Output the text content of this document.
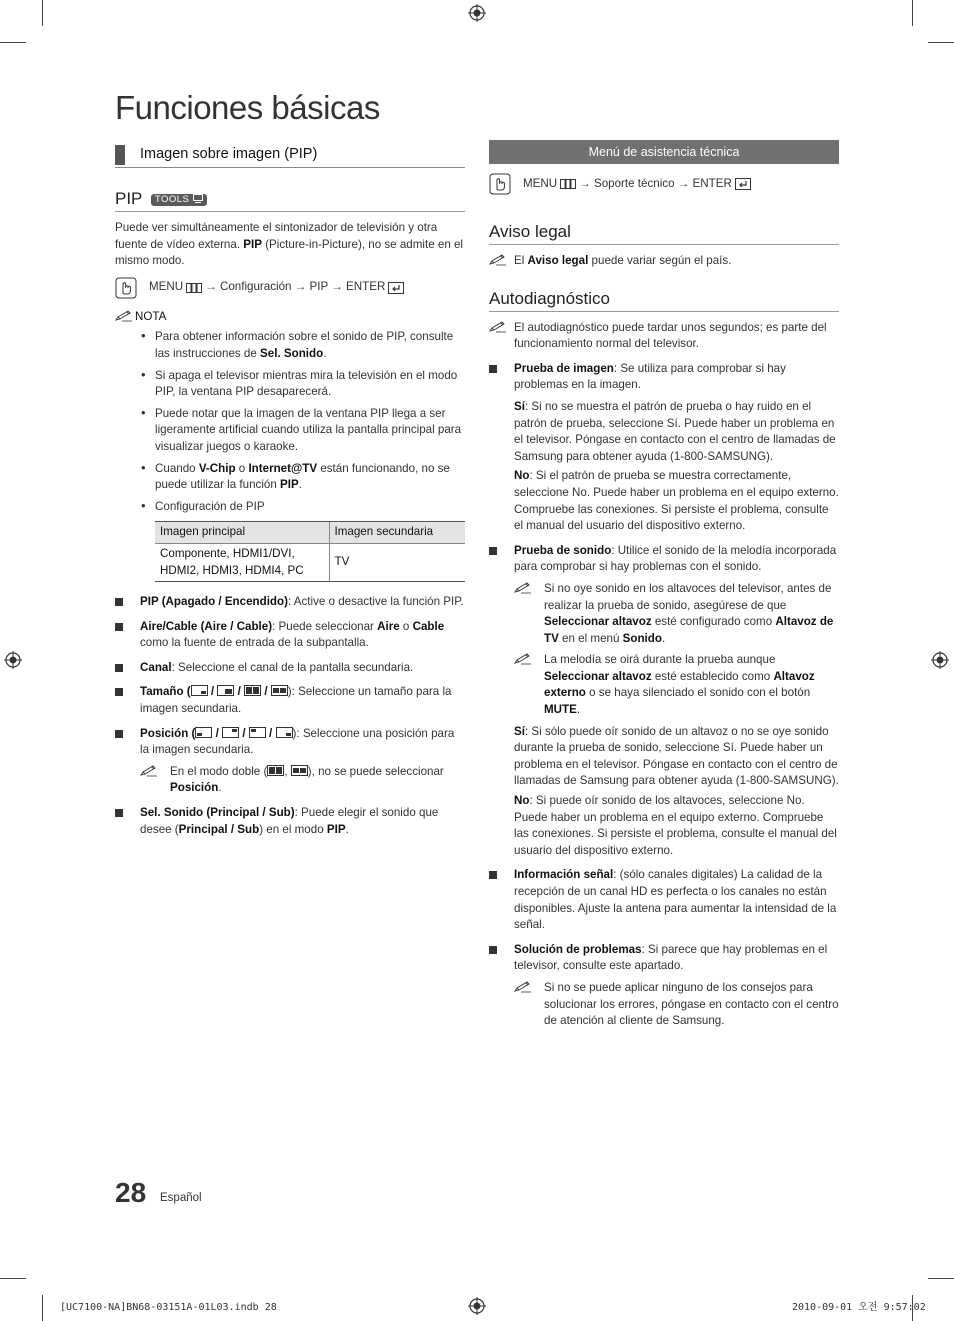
Funciones básicas
Imagen sobre imagen (PIP)
PIP TOOLS

Puede ver simultáneamente el sintonizador de televisión y otra fuente de vídeo externa. PIP (Picture-in-Picture), no se admite en el mismo modo.

MENU → Configuración → PIP → ENTER
NOTA
• Para obtener información sobre el sonido de PIP, consulte las instrucciones de Sel. Sonido.
• Si apaga el televisor mientras mira la televisión en el modo PIP, la ventana PIP desaparecerá.
• Puede notar que la imagen de la ventana PIP llega a ser ligeramente artificial cuando utiliza la pantalla principal para visualizar juegos o karaoke.
• Cuando V-Chip o Internet@TV están funcionando, no se puede utilizar la función PIP.
• Configuración de PIP
Imagen principal	Imagen secundaria
Componente, HDMI1/DVI, HDMI2, HDMI3, HDMI4, PC	TV
PIP (Apagado / Encendido): Active o desactive la función PIP.
Aire/Cable (Aire / Cable): Puede seleccionar Aire o Cable como la fuente de entrada de la subpantalla.
Canal: Seleccione el canal de la pantalla secundaria.
Tamaño ( / / / ): Seleccione un tamaño para la imagen secundaria.
Posición ( / / / ): Seleccione una posición para la imagen secundaria.
En el modo doble ( ,
), no se puede seleccionar Posición.
Sel. Sonido (Principal / Sub): Puede elegir el sonido que desee (Principal / Sub) en el modo PIP.
Menú de asistencia técnica
MENU → Soporte técnico → ENTER
Aviso legal
El Aviso legal puede variar según el país.
Autodiagnóstico
El autodiagnóstico puede tardar unos segundos; es parte del funcionamiento normal del televisor.
Prueba de imagen: Se utiliza para comprobar si hay problemas en la imagen.

Sí: Si no se muestra el patrón de prueba o hay ruido en el patrón de prueba, seleccione Sí. Puede haber un problema en el televisor. Póngase en contacto con el centro de llamadas de Samsung para obtener ayuda (1-800-SAMSUNG).

No: Si el patrón de prueba se muestra correctamente, seleccione No. Puede haber un problema en el equipo externo. Compruebe las conexiones. Si persiste el problema, consulte el manual del usuario del dispositivo externo.

Prueba de sonido: Utilice el sonido de la melodía incorporada para comprobar si hay problemas con el sonido.
Si no oye sonido en los altavoces del televisor, antes de realizar la prueba de sonido, asegúrese de que Seleccionar altavoz esté configurado como Altavoz de TV en el menú Sonido.
La melodía se oirá durante la prueba aunque Seleccionar altavoz esté establecido como Altavoz externo o se haya silenciado el sonido con el botón MUTE.

Sí: Si sólo puede oír sonido de un altavoz o no se oye sonido durante la prueba de sonido, seleccione Sí. Puede haber un problema en el televisor. Póngase en contacto con el centro de llamadas de Samsung para obtener ayuda (1-800-SAMSUNG).

No: Si puede oír sonido de los altavoces, seleccione No. Puede haber un problema en el equipo externo. Compruebe las conexiones. Si persiste el problema, consulte el manual del usuario del dispositivo externo.

Información señal: (sólo canales digitales) La calidad de la recepción de un canal HD es perfecta o los canales no están disponibles. Ajuste la antena para aumentar la intensidad de la señal.
Solución de problemas: Si parece que hay problemas en el televisor, consulte este apartado.
Si no se puede aplicar ninguno de los consejos para solucionar los errores, póngase en contacto con el centro de atención al cliente de Samsung.
28 Español
[UC7100-NA]BN68-03151A-01L03.indb 28	2010-09-01 오전 9:57:02
